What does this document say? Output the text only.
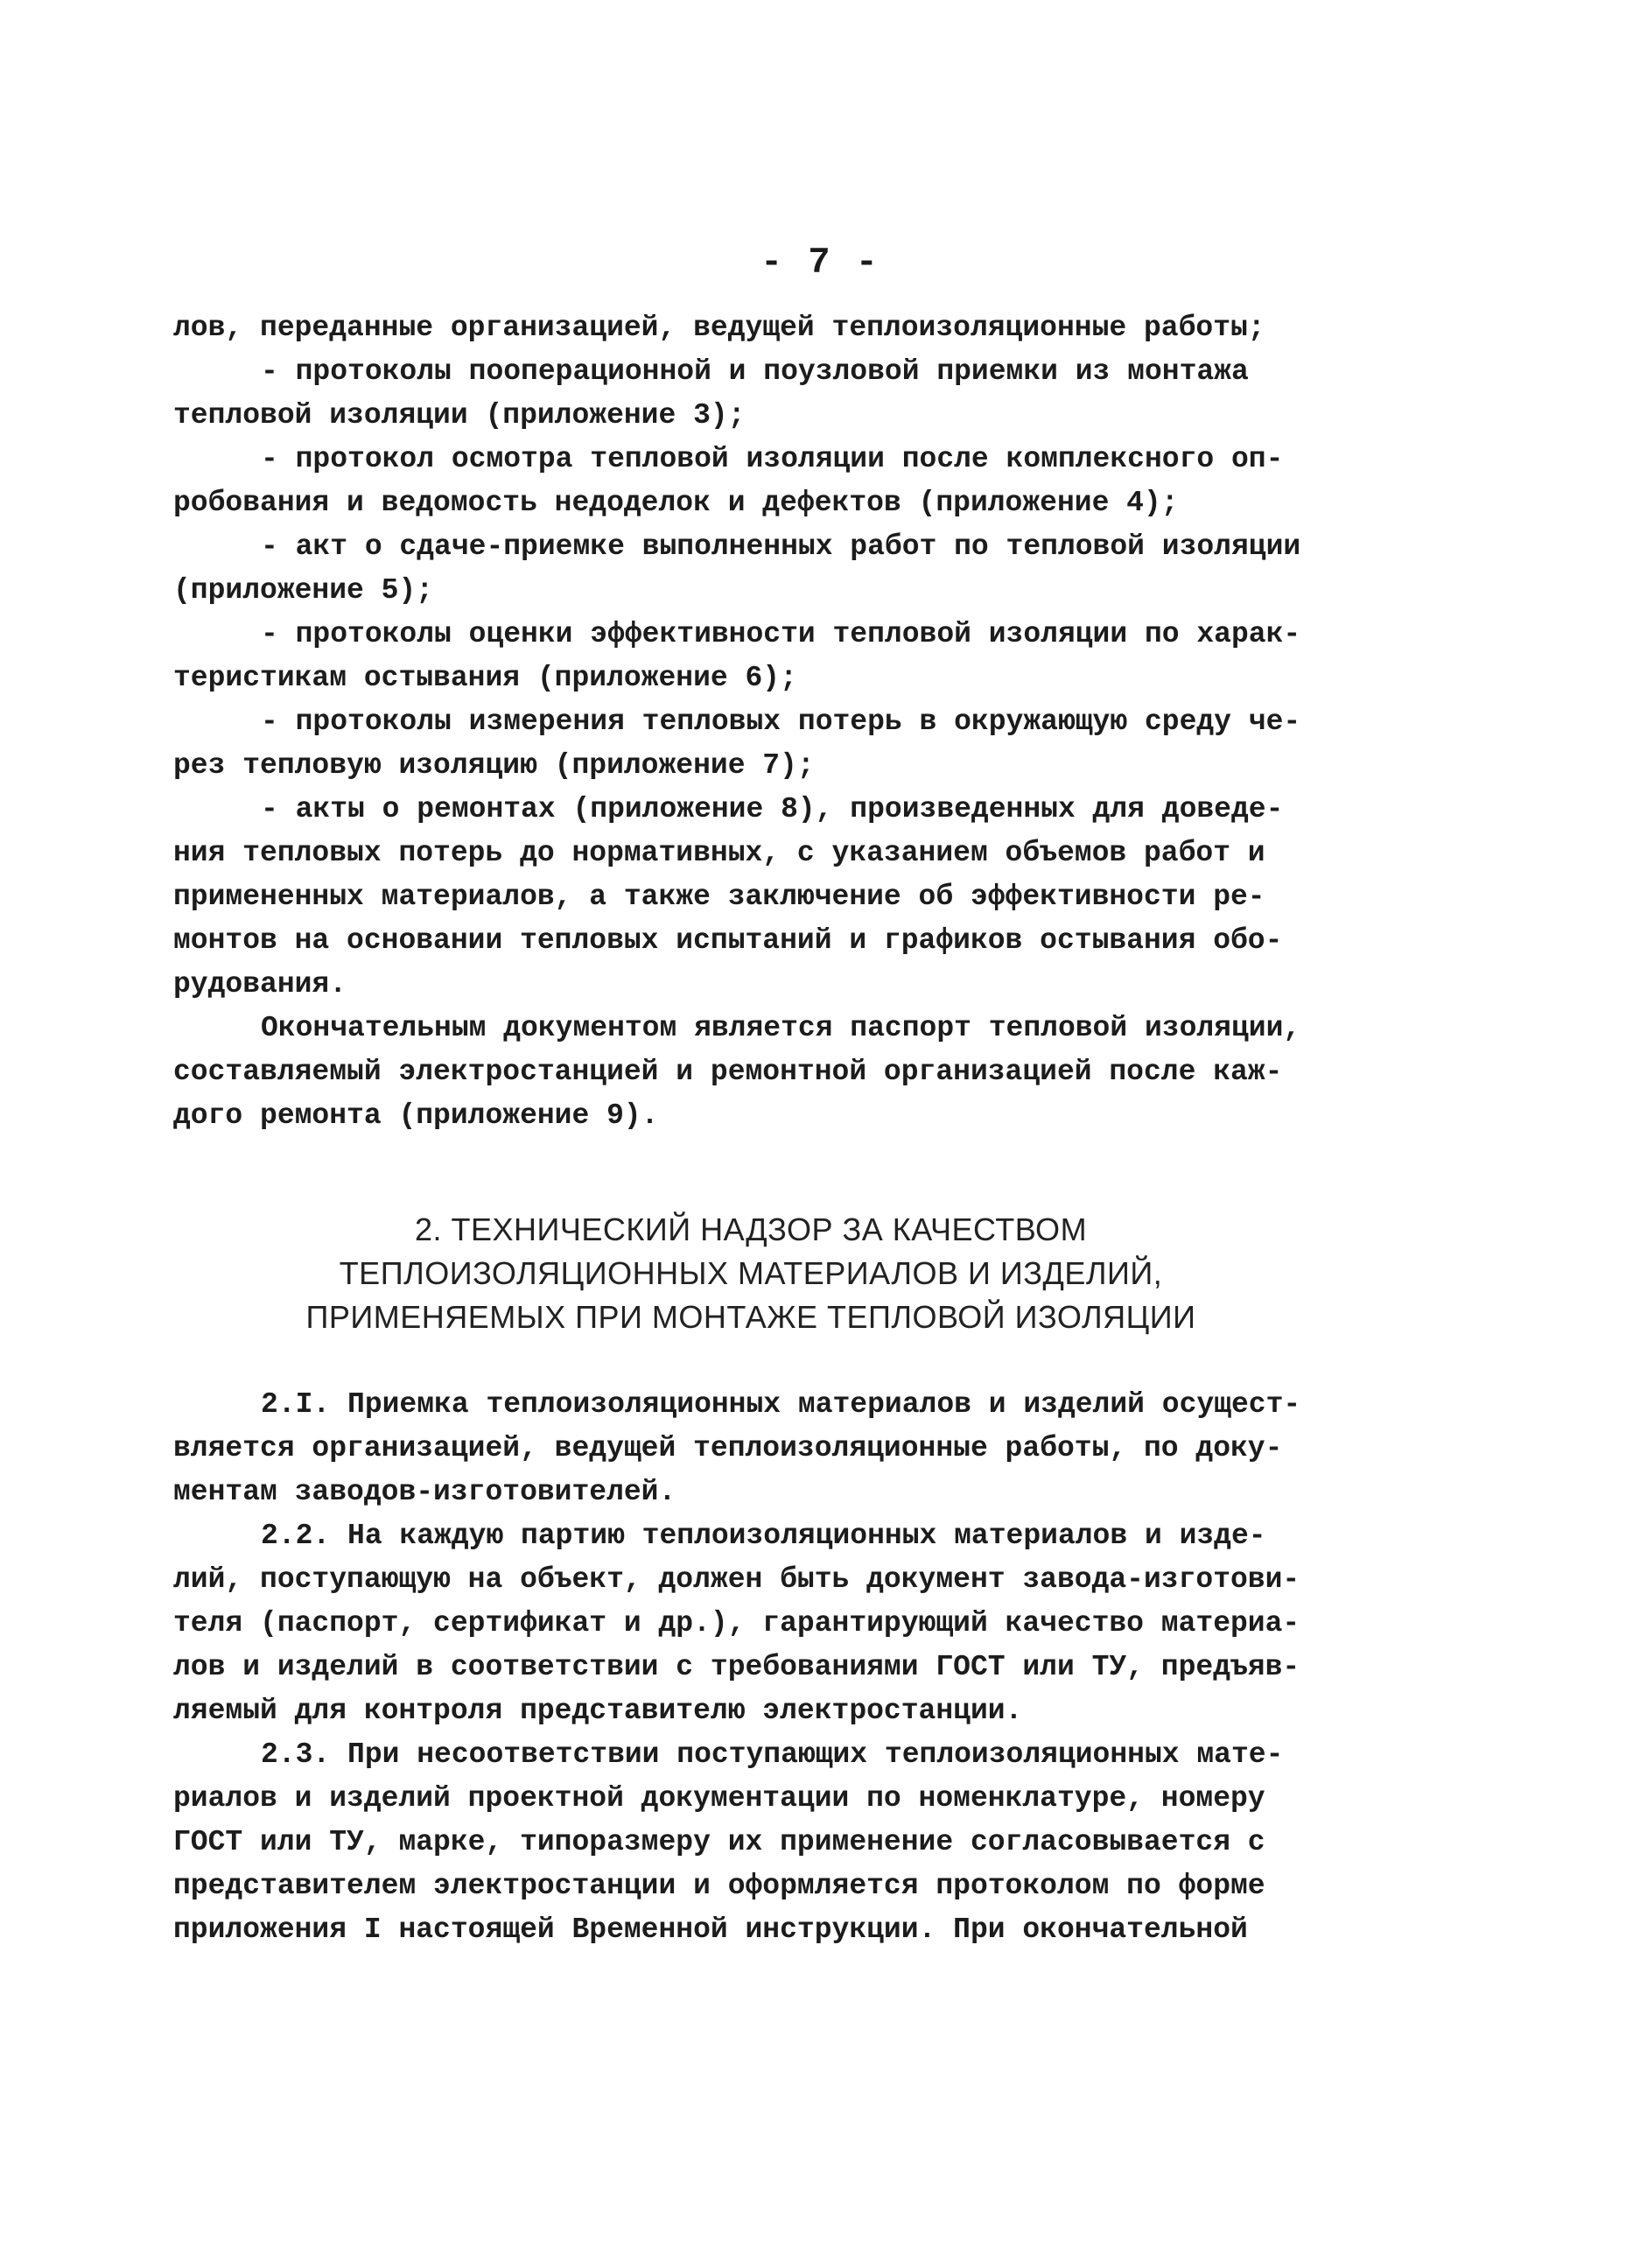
- 7 -
лов, переданные организацией, ведущей теплоизоляционные работы;
- протоколы пооперационной и поузловой приемки из монтажа
тепловой изоляции (приложение 3);
- протокол осмотра тепловой изоляции после комплексного оп-
робования и ведомость недоделок и дефектов (приложение 4);
- акт о сдаче-приемке выполненных работ по тепловой изоляции
(приложение 5);
- протоколы оценки эффективности тепловой изоляции по харак-
теристикам остывания (приложение 6);
- протоколы измерения тепловых потерь в окружающую среду че-
рез тепловую изоляцию (приложение 7);
- акты о ремонтах (приложение 8), произведенных для доведе-
ния тепловых потерь до нормативных, с указанием объемов работ и
примененных материалов, а также заключение об эффективности ре-
монтов на основании тепловых испытаний и графиков остывания обо-
рудования.
Окончательным документом является паспорт тепловой изоляции,
составляемый электростанцией и ремонтной организацией после каж-
дого ремонта (приложение 9).
2. ТЕХНИЧЕСКИЙ НАДЗОР ЗА КАЧЕСТВОМ
ТЕПЛОИЗОЛЯЦИОННЫХ МАТЕРИАЛОВ И ИЗДЕЛИЙ,
ПРИМЕНЯЕМЫХ ПРИ МОНТАЖЕ ТЕПЛОВОЙ ИЗОЛЯЦИИ
2.I. Приемка теплоизоляционных материалов и изделий осущест-
вляется организацией, ведущей теплоизоляционные работы, по доку-
ментам заводов-изготовителей.
2.2. На каждую партию теплоизоляционных материалов и изде-
лий, поступающую на объект, должен быть документ завода-изготови-
теля (паспорт, сертификат и др.), гарантирующий качество материа-
лов и изделий в соответствии с требованиями ГОСТ или ТУ, предъяв-
ляемый для контроля представителю электростанции.
2.3. При несоответствии поступающих теплоизоляционных мате-
риалов и изделий проектной документации по номенклатуре, номеру
ГОСТ или ТУ, марке, типоразмеру их применение согласовывается с
представителем электростанции и оформляется протоколом по форме
приложения I настоящей Временной инструкции. При окончательной
